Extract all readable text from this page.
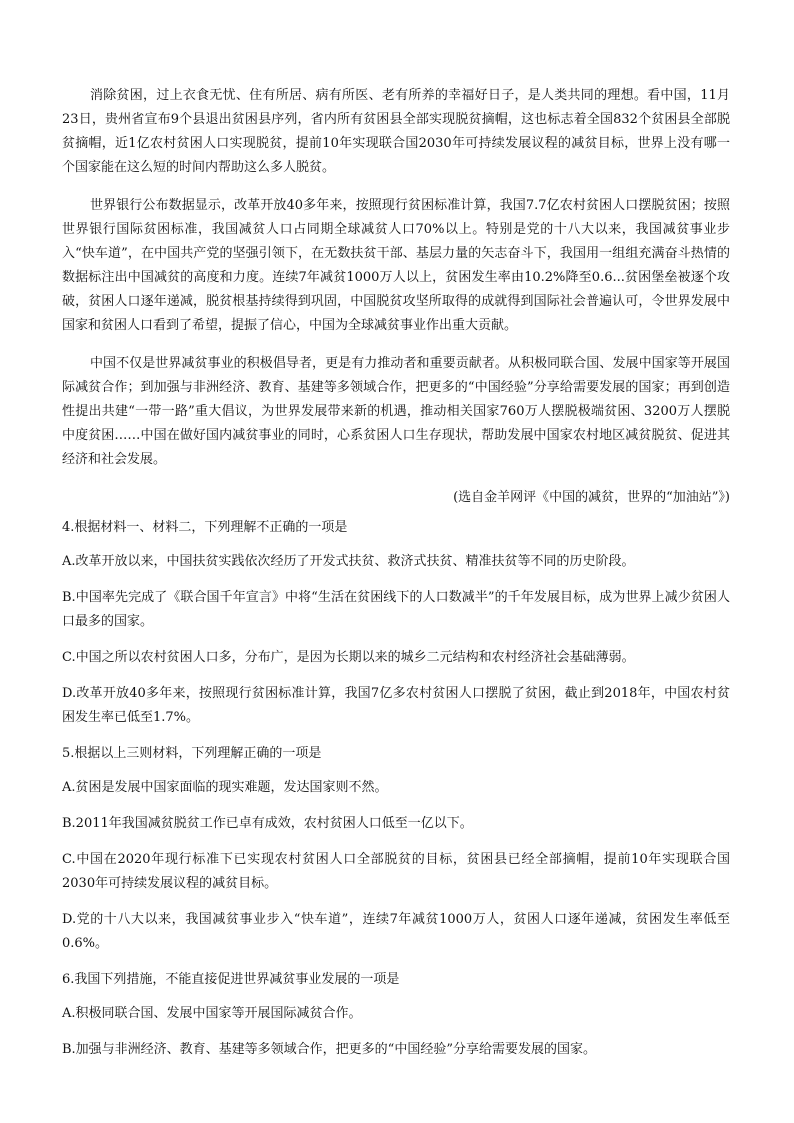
消除贫困，过上衣食无忧、住有所居、病有所医、老有所养的幸福好日子，是人类共同的理想。看中国，11月23日，贵州省宣布9个县退出贫困县序列，省内所有贫困县全部实现脱贫摘帽，这也标志着全国832个贫困县全部脱贫摘帽，近1亿农村贫困人口实现脱贫，提前10年实现联合国2030年可持续发展议程的减贫目标，世界上没有哪一个国家能在这么短的时间内帮助这么多人脱贫。

世界银行公布数据显示，改革开放40多年来，按照现行贫困标准计算，我国7.7亿农村贫困人口摆脱贫困；按照世界银行国际贫困标准，我国减贫人口占同期全球减贫人口70%以上。特别是党的十八大以来，我国减贫事业步入“快车道”，在中国共产党的坚强引领下，在无数扶贫干部、基层力量的矢志奋斗下，我国用一组组充满奋斗热情的数据标注出中国减贫的高度和力度。连续7年减贫1000万人以上，贫困发生率由10.2%降至0.6...贫困堡垒被逐个攻破，贫困人口逐年递减，脱贫根基持续得到巩固，中国脱贫攻坚所取得的成就得到国际社会普遍认可，令世界发展中国家和贫困人口看到了希望，提振了信心，中国为全球减贫事业作出重大贡献。

中国不仅是世界减贫事业的积极倡导者，更是有力推动者和重要贡献者。从积极同联合国、发展中国家等开展国际减贫合作；到加强与非洲经济、教育、基建等多领域合作，把更多的“中国经验”分享给需要发展的国家；再到创造性提出共建“一带一路”重大倡议，为世界发展带来新的机遇，推动相关国家760万人摆脱极端贫困、3200万人摆脱中度贫困……中国在做好国内减贫事业的同时，心系贫困人口生存现状，帮助发展中国家农村地区减贫脱贫、促进其经济和社会发展。

(选自金羊网评《中国的减贫，世界的“加油站”》)

4.根据材料一、材料二，下列理解不正确的一项是

A.改革开放以来，中国扶贫实践依次经历了开发式扶贫、救济式扶贫、精准扶贫等不同的历史阶段。

B.中国率先完成了《联合国千年宣言》中将“生活在贫困线下的人口数减半”的千年发展目标，成为世界上减少贫困人口最多的国家。

C.中国之所以农村贫困人口多，分布广，是因为长期以来的城乡二元结构和农村经济社会基础薄弱。

D.改革开放40多年来，按照现行贫困标准计算，我国7亿多农村贫困人口摆脱了贫困，截止到2018年，中国农村贫困发生率已低至1.7%。

5.根据以上三则材料，下列理解正确的一项是

A.贫困是发展中国家面临的现实难题，发达国家则不然。

B.2011年我国减贫脱贫工作已卓有成效，农村贫困人口低至一亿以下。

C.中国在2020年现行标准下已实现农村贫困人口全部脱贫的目标，贫困县已经全部摘帽，提前10年实现联合国2030年可持续发展议程的减贫目标。

D.党的十八大以来，我国减贫事业步入“快车道”，连续7年减贫1000万人，贫困人口逐年递减，贫困发生率低至0.6%。

6.我国下列措施，不能直接促进世界减贫事业发展的一项是

A.积极同联合国、发展中国家等开展国际减贫合作。

B.加强与非洲经济、教育、基建等多领域合作，把更多的“中国经验”分享给需要发展的国家。
